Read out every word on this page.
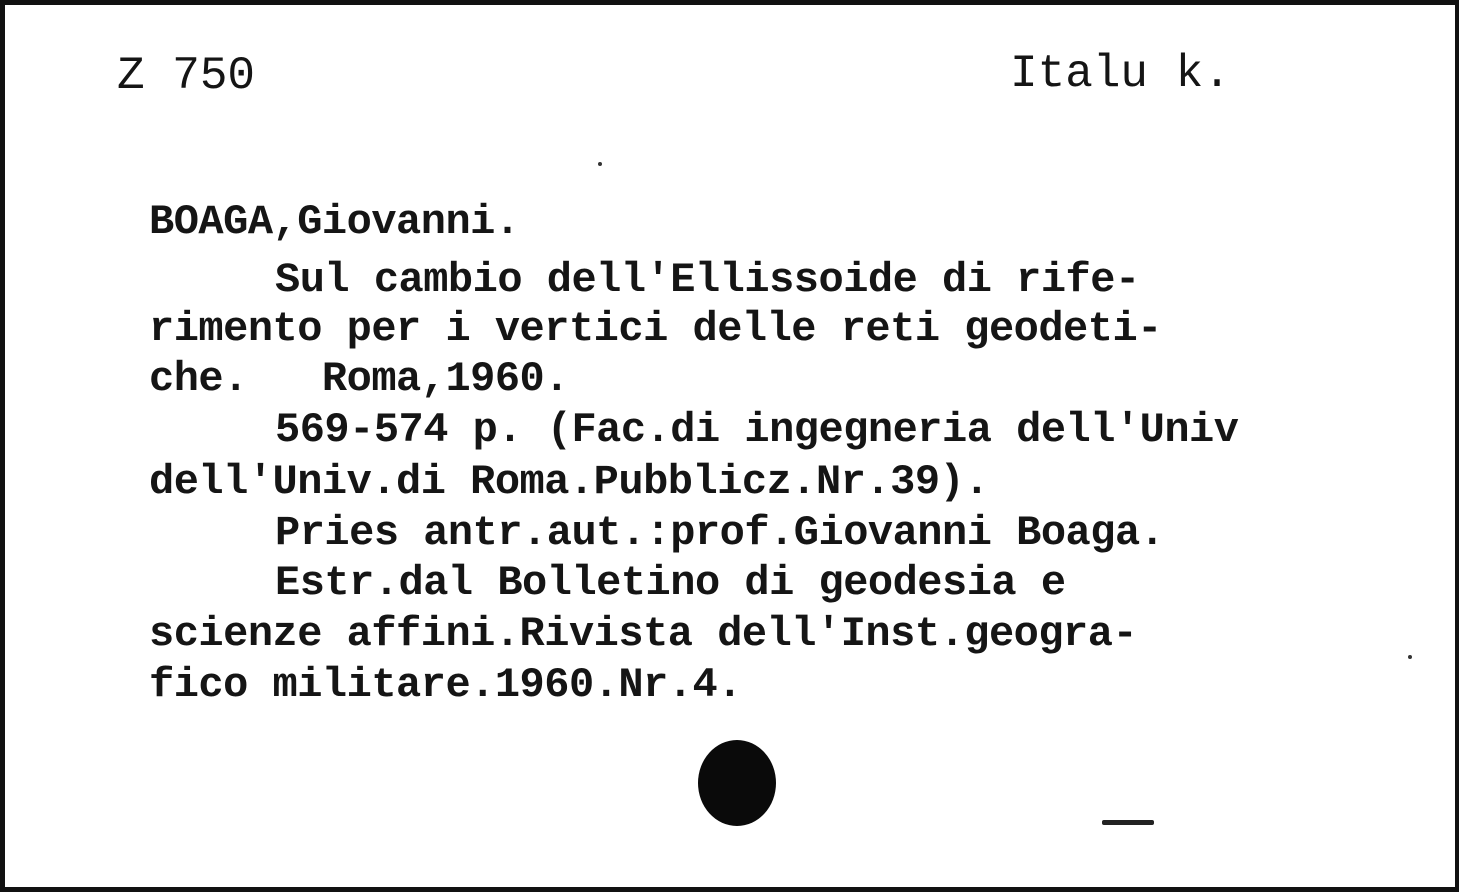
Z 750	Italu k.
BOAGA,Giovanni.
Sul cambio dell'Ellissoide di rife-
rimento per i vertici delle reti geodeti-
che.   Roma,1960.
569-574 p. (Fac.di ingegneria dell'Univ
dell'Univ.di Roma.Pubblicz.Nr.39).
Pries antr.aut.:prof.Giovanni Boaga.
Estr.dal Bolletino di geodesia e
scienze affini.Rivista dell'Inst.geogra-
fico militare.1960.Nr.4.
